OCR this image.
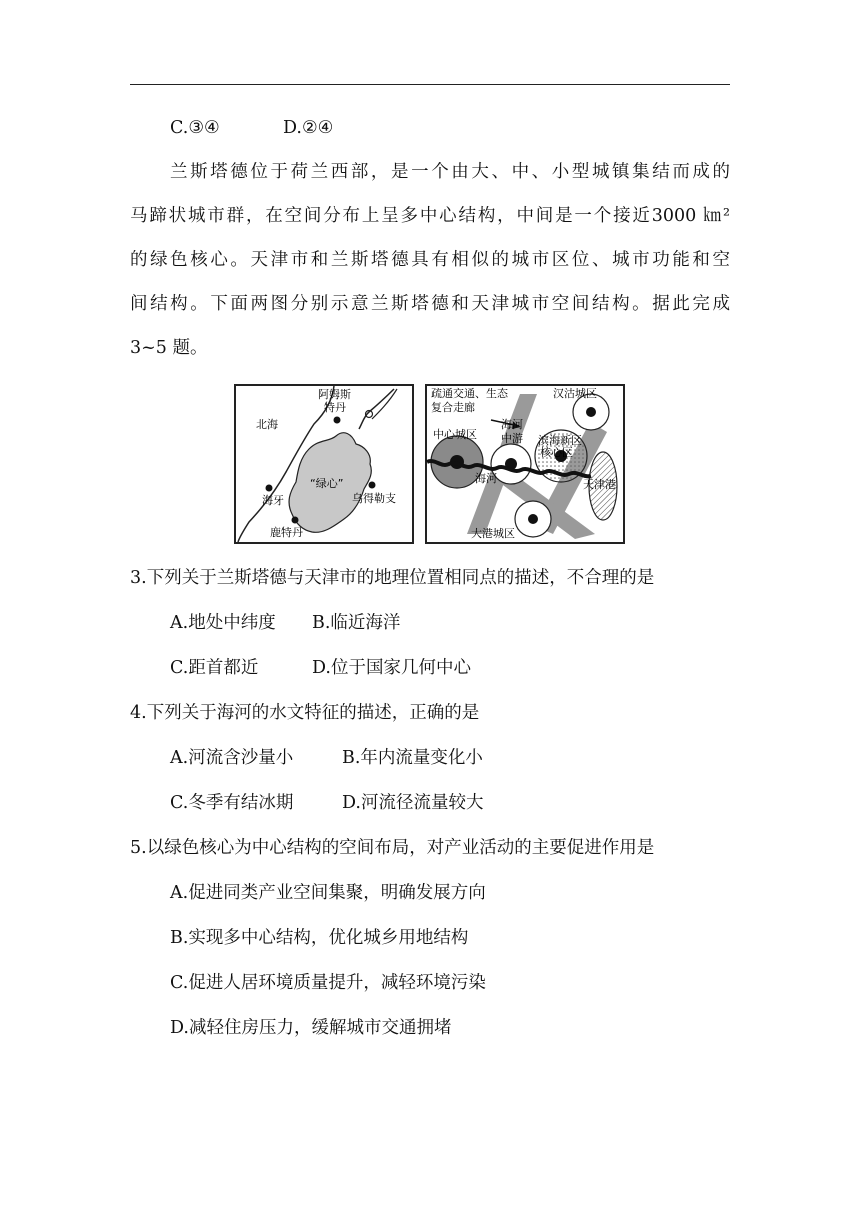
C.③④	D.②④

兰斯塔德位于荷兰西部，是一个由大、中、小型城镇集结而成的

马蹄状城市群，在空间分布上呈多中心结构，中间是一个接近3000 ㎞²

的绿色核心。天津市和兰斯塔德具有相似的城市区位、城市功能和空

间结构。下面两图分别示意兰斯塔德和天津城市空间结构。据此完成

3~5 题。

阿姆斯
特丹
北海
“绿心”
海牙	乌得勒支
鹿特丹
疏通交通、生态
复合走廊
汉沽城区
中心城区
海河
中游 滨海新区
核心区
海河	天津港
大港城区
3.下列关于兰斯塔德与天津市的地理位置相同点的描述，不合理的是
A.地处中纬度 B.临近海洋
C.距首都近	D.位于国家几何中心
4.下列关于海河的水文特征的描述，正确的是
A.河流含沙量小	B.年内流量变化小
C.冬季有结冰期	D.河流径流量较大
5.以绿色核心为中心结构的空间布局，对产业活动的主要促进作用是
A.促进同类产业空间集聚，明确发展方向
B.实现多中心结构，优化城乡用地结构
C.促进人居环境质量提升，减轻环境污染
D.减轻住房压力，缓解城市交通拥堵
